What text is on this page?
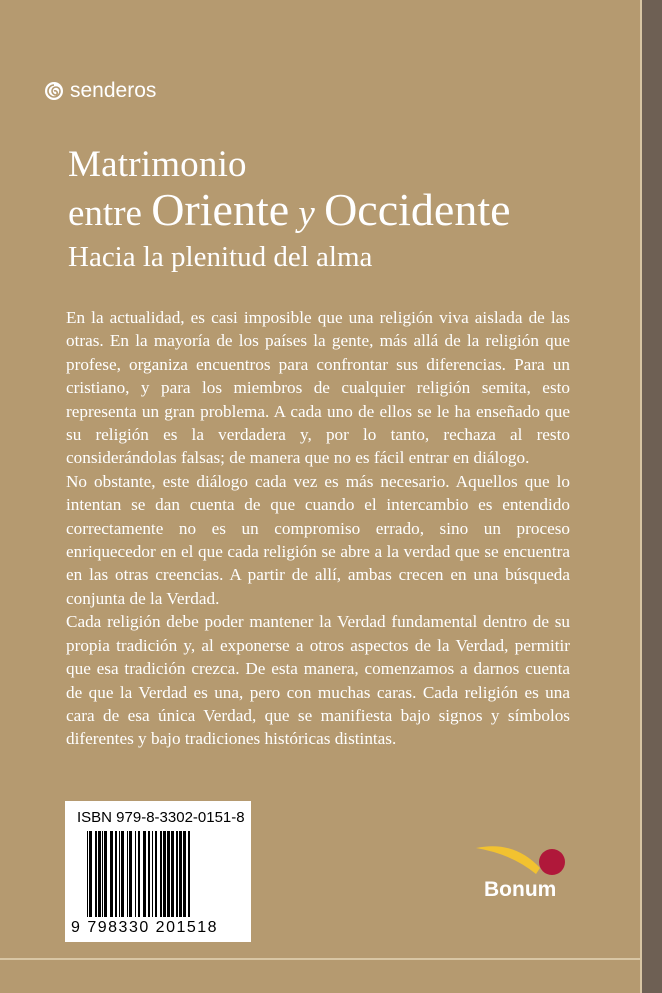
senderos
Matrimonio
entre Oriente y Occidente
Hacia la plenitud del alma

En la actualidad, es casi imposible que una religión viva aislada de las otras. En la mayoría de los países la gente, más allá de la religión que profese, organiza encuentros para confrontar sus diferencias. Para un cristiano, y para los miembros de cualquier religión semita, esto representa un gran problema. A cada uno de ellos se le ha enseñado que su religión es la verdadera y, por lo tanto, rechaza al resto considerándolas falsas; de manera que no es fácil entrar en diálogo.

No obstante, este diálogo cada vez es más necesario. Aquellos que lo intentan se dan cuenta de que cuando el intercambio es entendido correctamente no es un compromiso errado, sino un proceso enriquecedor en el que cada religión se abre a la verdad que se encuentra en las otras creencias. A partir de allí, ambas crecen en una búsqueda conjunta de la Verdad.

Cada religión debe poder mantener la Verdad fundamental dentro de su propia tradición y, al exponerse a otros aspectos de la Verdad, permitir que esa tradición crezca. De esta manera, comenzamos a darnos cuenta de que la Verdad es una, pero con muchas caras. Cada religión es una cara de esa única Verdad, que se manifiesta bajo signos y símbolos diferentes y bajo tradiciones históricas distintas.

ISBN 979-8-3302-0151-8
9 798330 201518
Bonum
